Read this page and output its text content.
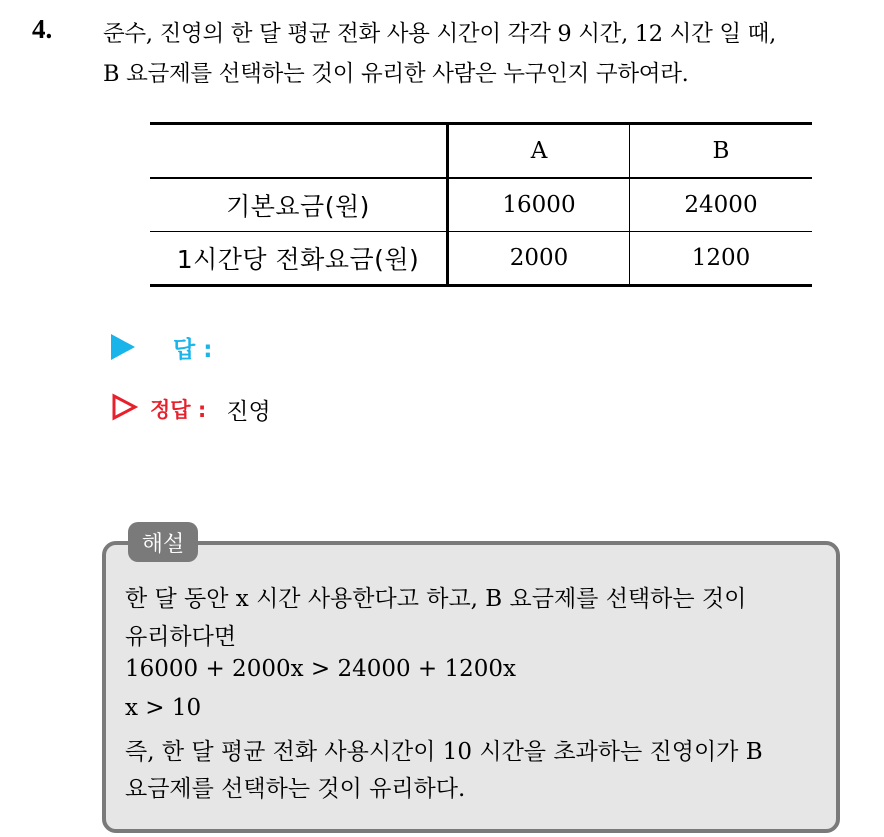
4. 준수, 진영의 한 달 평균 전화 사용 시간이 각각 9 시간, 12 시간 일 때,
B 요금제를 선택하는 것이 유리한 사람은 누구인지 구하여라.
	A	B
기본요금(원)	16000	24000
1시간당 전화요금(원)	2000	1200
답 :
정답 : 진영
해설
한 달 동안 x 시간 사용한다고 하고, B 요금제를 선택하는 것이
유리하다면
16000 + 2000x > 24000 + 1200x
x > 10
즉, 한 달 평균 전화 사용시간이 10 시간을 초과하는 진영이가 B
요금제를 선택하는 것이 유리하다.
